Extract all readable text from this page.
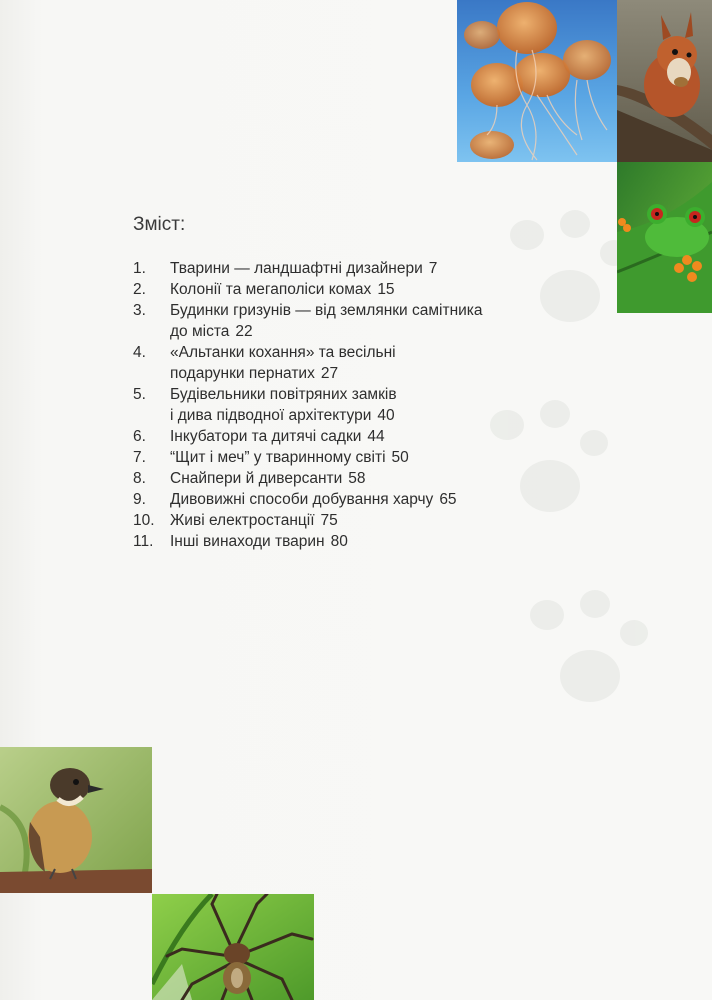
Зміст:
1.	Тварини — ландшафтні дизайнери 7
2.	Колонії та мегаполіси комах 15
3.	Будинки гризунів — від землянки самітника
до міста 22
4.	«Альтанки кохання» та весільні
подарунки пернатих 27
5.	Будівельники повітряних замків
і дива підводної архітектури 40
6.	Інкубатори та дитячі садки 44
7.	“Щит і меч” у тваринному світі 50
8.	Снайпери й диверсанти 58
9.	Дивовижні способи добування харчу 65
10. Живі електростанції 75
11.	Інші винаходи тварин 80
